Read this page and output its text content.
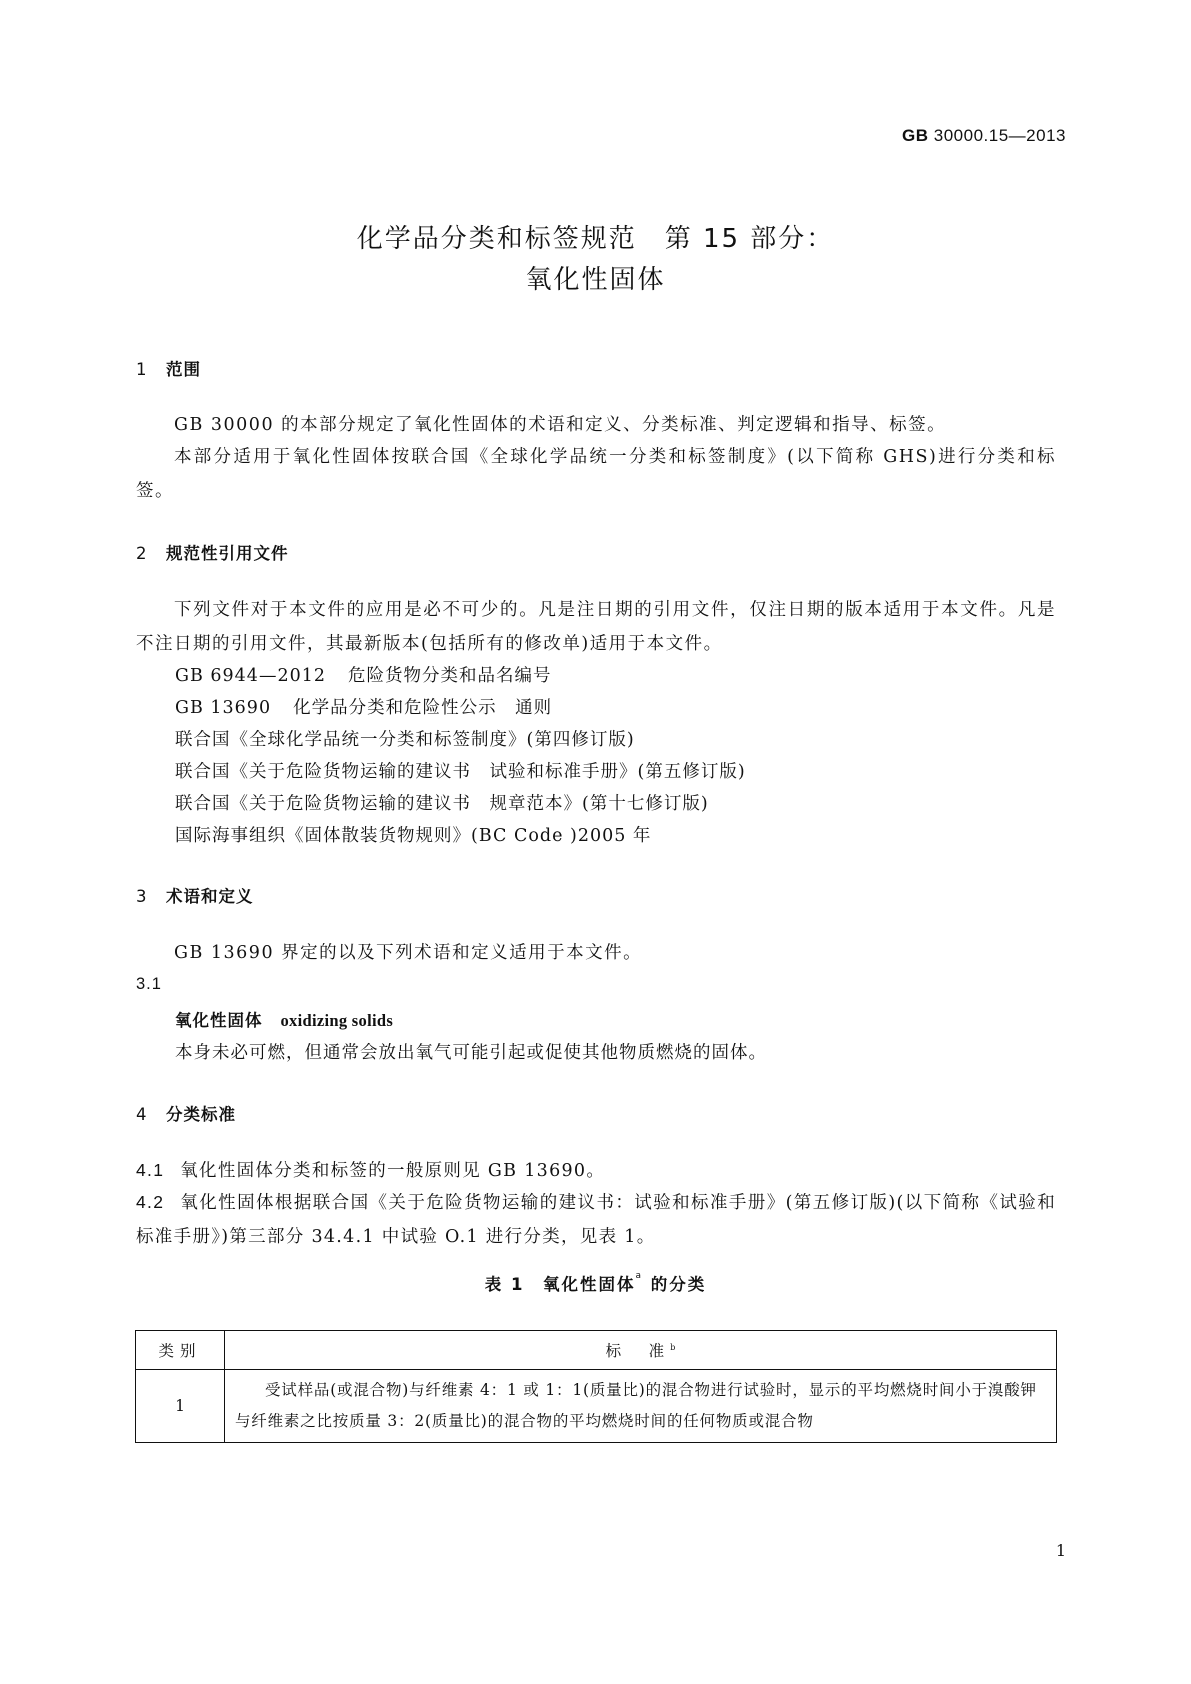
GB 30000.15—2013
化学品分类和标签规范　第 15 部分：
氧化性固体
1 范围
GB 30000 的本部分规定了氧化性固体的术语和定义、分类标准、判定逻辑和指导、标签。
本部分适用于氧化性固体按联合国《全球化学品统一分类和标签制度》(以下简称 GHS)进行分类和标签。
2 规范性引用文件
下列文件对于本文件的应用是必不可少的。凡是注日期的引用文件，仅注日期的版本适用于本文件。凡是不注日期的引用文件，其最新版本(包括所有的修改单)适用于本文件。
GB 6944—2012 危险货物分类和品名编号
GB 13690 化学品分类和危险性公示　通则
联合国《全球化学品统一分类和标签制度》(第四修订版)
联合国《关于危险货物运输的建议书　试验和标准手册》(第五修订版)
联合国《关于危险货物运输的建议书　规章范本》(第十七修订版)
国际海事组织《固体散装货物规则》(BC Code )2005 年
3 术语和定义
GB 13690 界定的以及下列术语和定义适用于本文件。
3.1
氧化性固体 oxidizing solids
本身未必可燃，但通常会放出氧气可能引起或促使其他物质燃烧的固体。
4 分类标准
4.1 氧化性固体分类和标签的一般原则见 GB 13690。
4.2 氧化性固体根据联合国《关于危险货物运输的建议书：试验和标准手册》(第五修订版)(以下简称《试验和标准手册》)第三部分 34.4.1 中试验 O.1 进行分类，见表 1。
表 1　氧化性固体$^a$ 的分类
类别	标　准$^b$
1	受试样品(或混合物)与纤维素 4：1 或 1：1(质量比)的混合物进行试验时，显示的平均燃烧时间小于溴酸钾与纤维素之比按质量 3：2(质量比)的混合物的平均燃烧时间的任何物质或混合物
1
